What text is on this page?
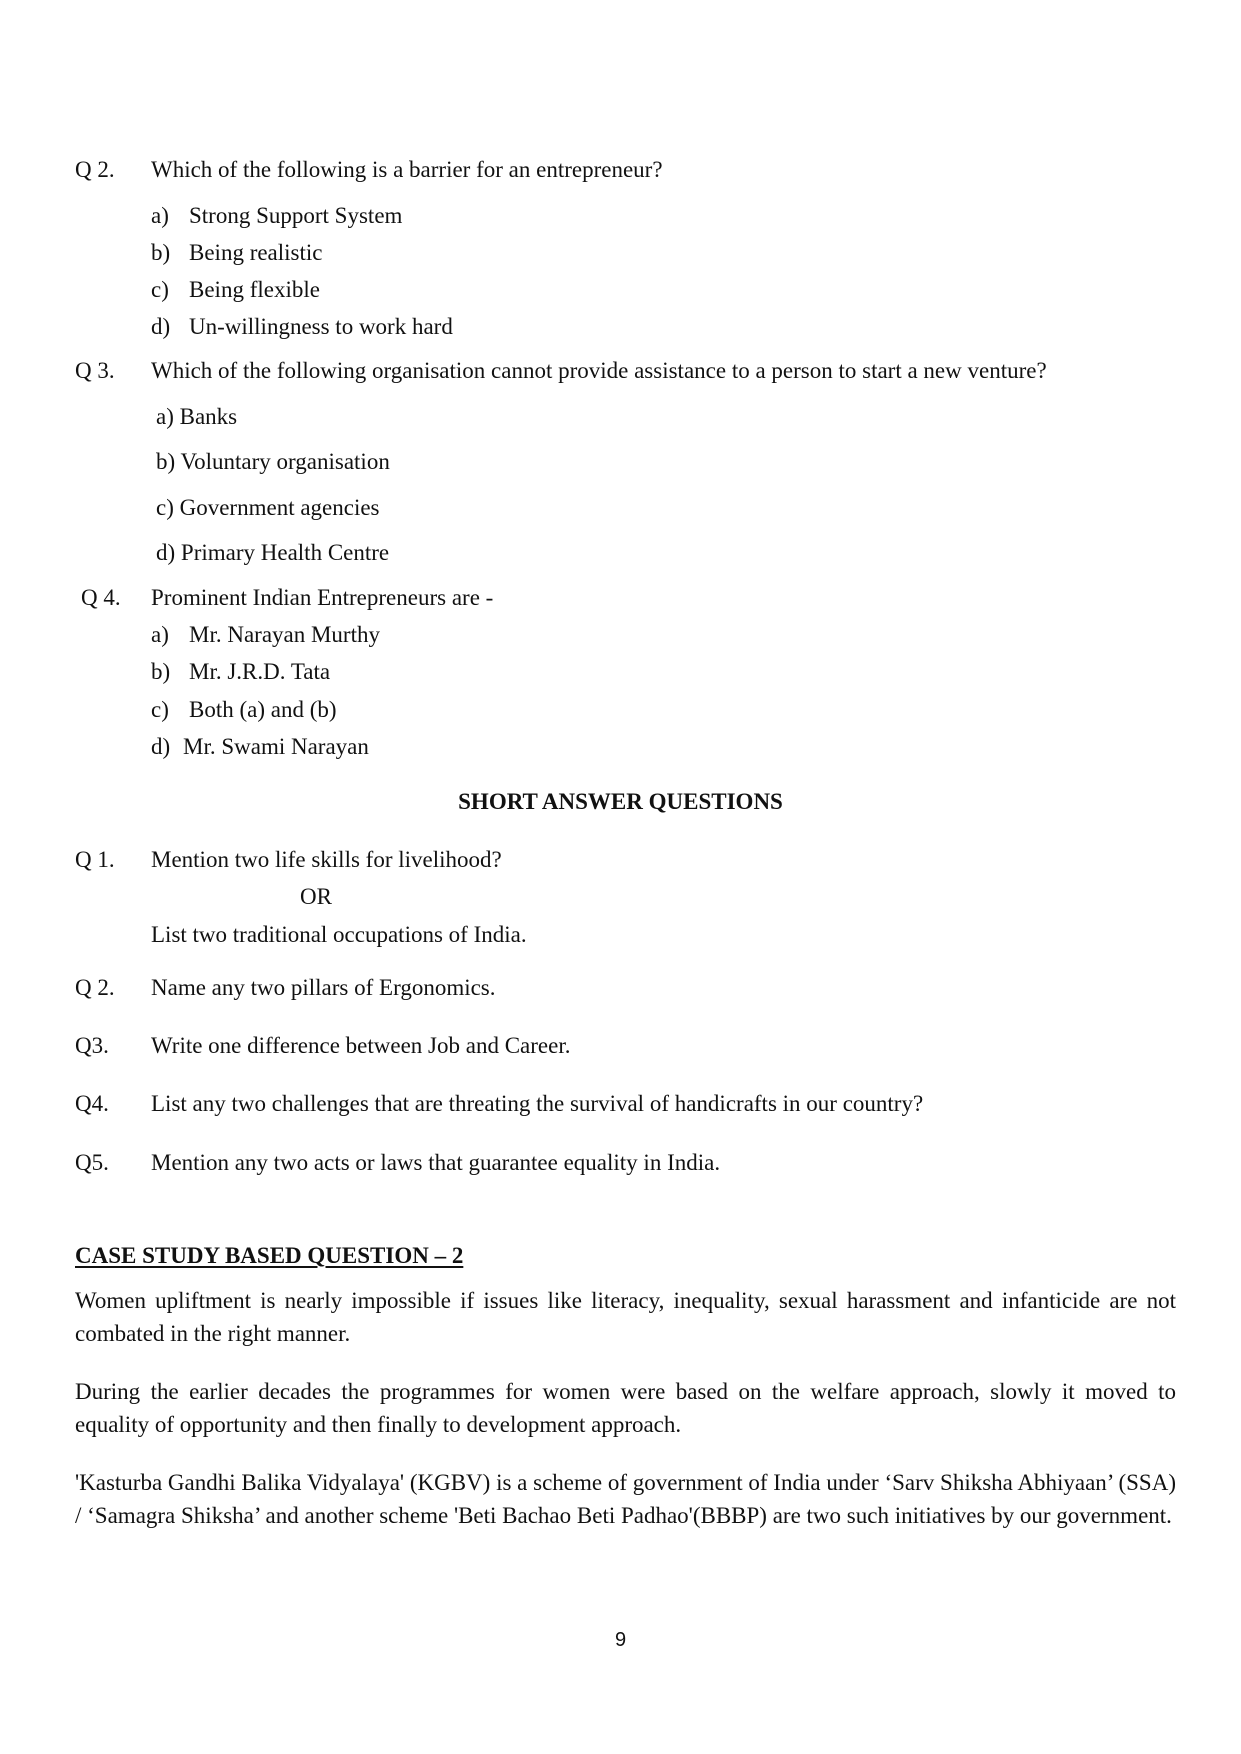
Q 2. Which of the following is a barrier for an entrepreneur?
a) Strong Support System
b) Being realistic
c) Being flexible
d) Un-willingness to work hard
Q 3. Which of the following organisation cannot provide assistance to a person to start a new venture?
a) Banks
b) Voluntary organisation
c) Government agencies
d) Primary Health Centre
Q 4. Prominent Indian Entrepreneurs are -
a) Mr. Narayan Murthy
b) Mr. J.R.D. Tata
c) Both (a) and (b)
d) Mr. Swami Narayan
SHORT ANSWER QUESTIONS
Q 1. Mention two life skills for livelihood?
OR
List two traditional occupations of India.
Q 2. Name any two pillars of Ergonomics.
Q3. Write one difference between Job and Career.
Q4. List any two challenges that are threating the survival of handicrafts in our country?
Q5. Mention any two acts or laws that guarantee equality in India.
CASE STUDY BASED QUESTION – 2

Women upliftment is nearly impossible if issues like literacy, inequality, sexual harassment and infanticide are not combated in the right manner.

During the earlier decades the programmes for women were based on the welfare approach, slowly it moved to equality of opportunity and then finally to development approach.

'Kasturba Gandhi Balika Vidyalaya' (KGBV) is a scheme of government of India under ‘Sarv Shiksha Abhiyaan’ (SSA) / ‘Samagra Shiksha’ and another scheme 'Beti Bachao Beti Padhao'(BBBP) are two such initiatives by our government.

9
